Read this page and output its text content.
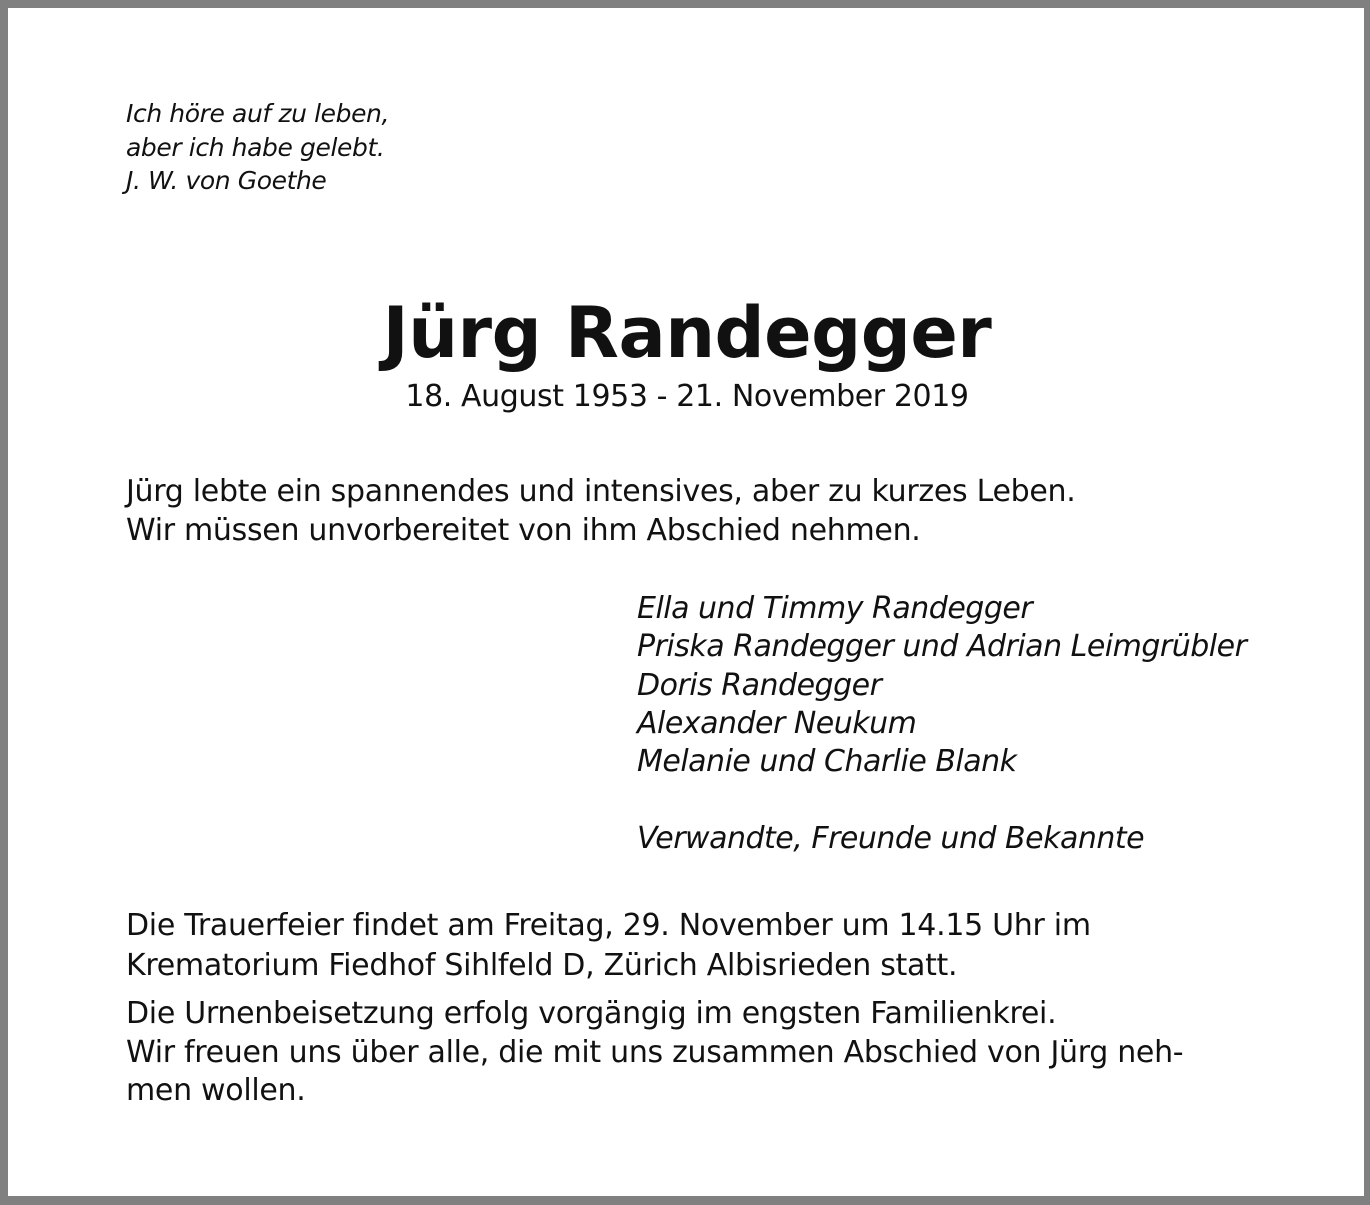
Ich höre auf zu leben,
aber ich habe gelebt.
J. W. von Goethe
Jürg Randegger
18. August 1953 - 21. November 2019
Jürg lebte ein spannendes und intensives, aber zu kurzes Leben.
Wir müssen unvorbereitet von ihm Abschied nehmen.
Ella und Timmy Randegger
Priska Randegger und Adrian Leimgrübler
Doris Randegger
Alexander Neukum
Melanie und Charlie Blank
Verwandte, Freunde und Bekannte
Die Trauerfeier findet am Freitag, 29. November um 14.15 Uhr im
Krematorium Fiedhof Sihlfeld D, Zürich Albisrieden statt.
Die Urnenbeisetzung erfolg vorgängig im engsten Familienkrei.
Wir freuen uns über alle, die mit uns zusammen Abschied von Jürg neh-
men wollen.
